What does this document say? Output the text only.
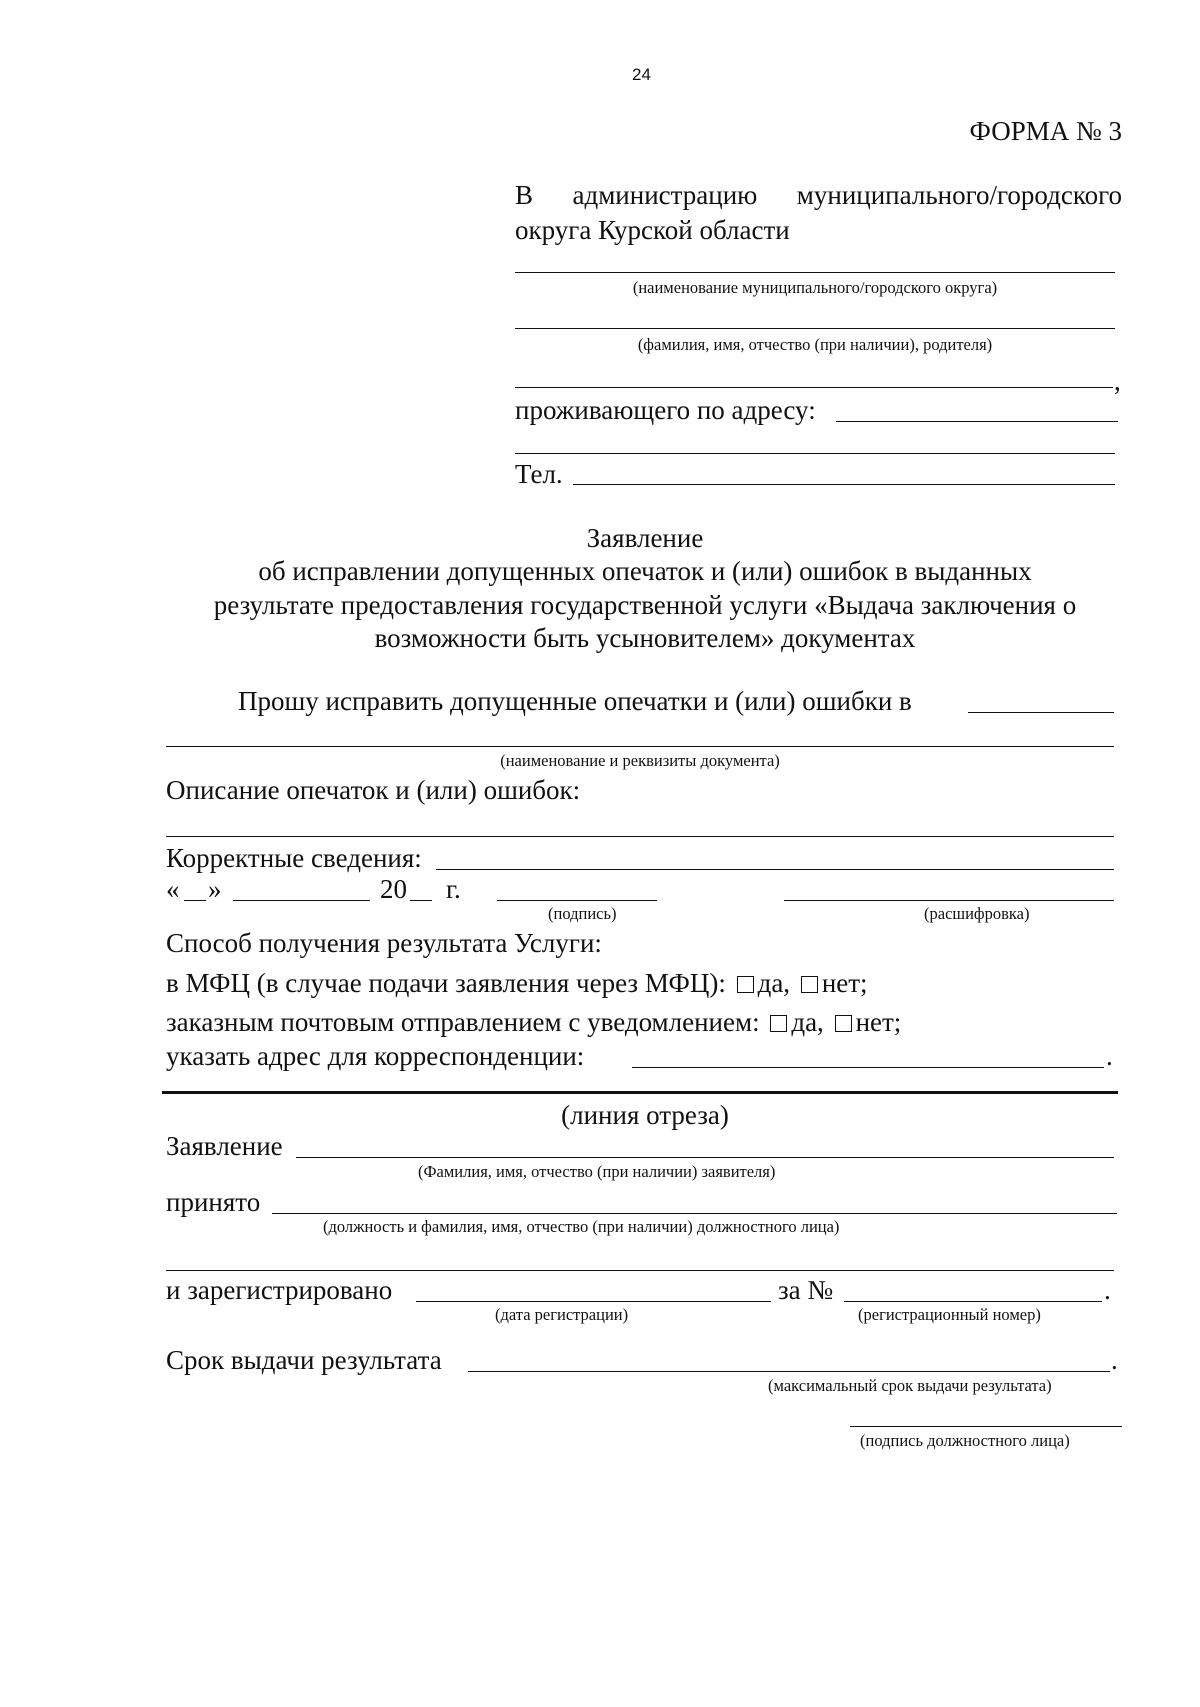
24
ФОРМА № 3
В администрацию муниципального/городского
округа Курской области
(наименование муниципального/городского округа)
(фамилия, имя, отчество (при наличии), родителя)
,
проживающего по адресу:
Тел.
Заявление
об исправлении допущенных опечаток и (или) ошибок в выданных
результате предоставления государственной услуги «Выдача заключения о
возможности быть усыновителем» документах
Прошу исправить допущенные опечатки и (или) ошибки в
(наименование и реквизиты документа)
Описание опечаток и (или) ошибок:
Корректные сведения:
« »	20 г.
(подпись)	(расшифровка)
Способ получения результата Услуги:
в МФЦ (в случае подачи заявления через МФЦ): да, нет;
заказным почтовым отправлением с уведомлением: да, нет;
указать адрес для корреспонденции:	.
(линия отреза)
Заявление
(Фамилия, имя, отчество (при наличии) заявителя)
принято
(должность и фамилия, имя, отчество (при наличии) должностного лица)
и зарегистрировано	за №	.
(дата регистрации)	(регистрационный номер)
Срок выдачи результата	.
(максимальный срок выдачи результата)
(подпись должностного лица)
